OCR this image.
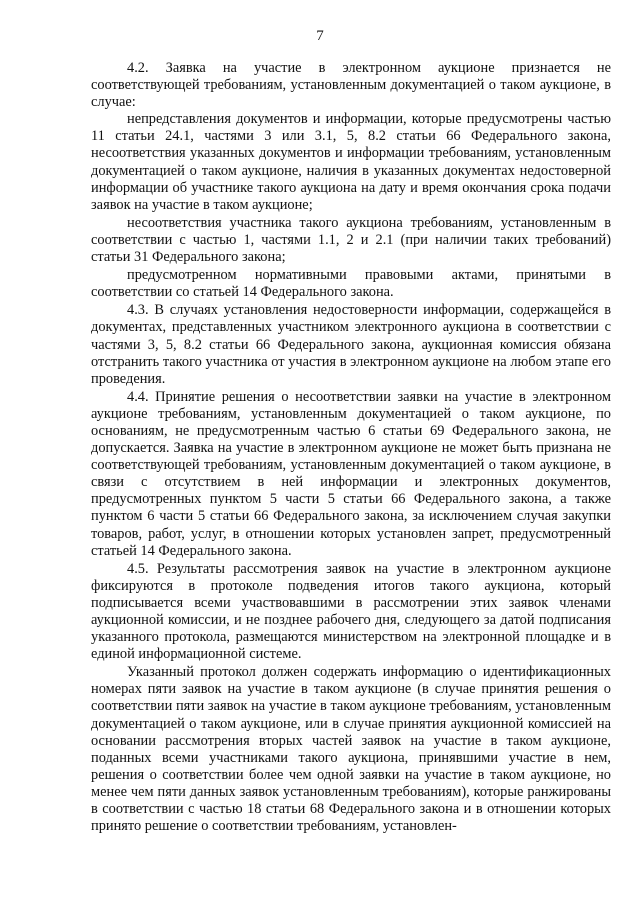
7

4.2. Заявка на участие в электронном аукционе признается не соответствующей требованиям, установленным документацией о таком аукционе, в случае:

непредставления документов и информации, которые предусмотрены частью 11 статьи 24.1, частями 3 или 3.1, 5, 8.2 статьи 66 Федерального закона, несоответствия указанных документов и информации требованиям, установленным документацией о таком аукционе, наличия в указанных документах недостоверной информации об участнике такого аукциона на дату и время окончания срока подачи заявок на участие в таком аукционе;

несоответствия участника такого аукциона требованиям, установленным в соответствии с частью 1, частями 1.1, 2 и 2.1 (при наличии таких требований) статьи 31 Федерального закона;

предусмотренном нормативными правовыми актами, принятыми в соответствии со статьей 14 Федерального закона.

4.3. В случаях установления недостоверности информации, содержащейся в документах, представленных участником электронного аукциона в соответствии с частями 3, 5, 8.2 статьи 66 Федерального закона, аукционная комиссия обязана отстранить такого участника от участия в электронном аукционе на любом этапе его проведения.

4.4. Принятие решения о несоответствии заявки на участие в электронном аукционе требованиям, установленным документацией о таком аукционе, по основаниям, не предусмотренным частью 6 статьи 69 Федерального закона, не допускается. Заявка на участие в электронном аукционе не может быть признана не соответствующей требованиям, установленным документацией о таком аукционе, в связи с отсутствием в ней информации и электронных документов, предусмотренных пунктом 5 части 5 статьи 66 Федерального закона, а также пунктом 6 части 5 статьи 66 Федерального закона, за исключением случая закупки товаров, работ, услуг, в отношении которых установлен запрет, предусмотренный статьей 14 Федерального закона.

4.5. Результаты рассмотрения заявок на участие в электронном аукционе фиксируются в протоколе подведения итогов такого аукциона, который подписывается всеми участвовавшими в рассмотрении этих заявок членами аукционной комиссии, и не позднее рабочего дня, следующего за датой подписания указанного протокола, размещаются министерством на электронной площадке и в единой информационной системе.

Указанный протокол должен содержать информацию о идентификационных номерах пяти заявок на участие в таком аукционе (в случае принятия решения о соответствии пяти заявок на участие в таком аукционе требованиям, установленным документацией о таком аукционе, или в случае принятия аукционной комиссией на основании рассмотрения вторых частей заявок на участие в таком аукционе, поданных всеми участниками такого аукциона, принявшими участие в нем, решения о соответствии более чем одной заявки на участие в таком аукционе, но менее чем пяти данных заявок установленным требованиям), которые ранжированы в соответствии с частью 18 статьи 68 Федерального закона и в отношении которых принято решение о соответствии требованиям, установлен-
